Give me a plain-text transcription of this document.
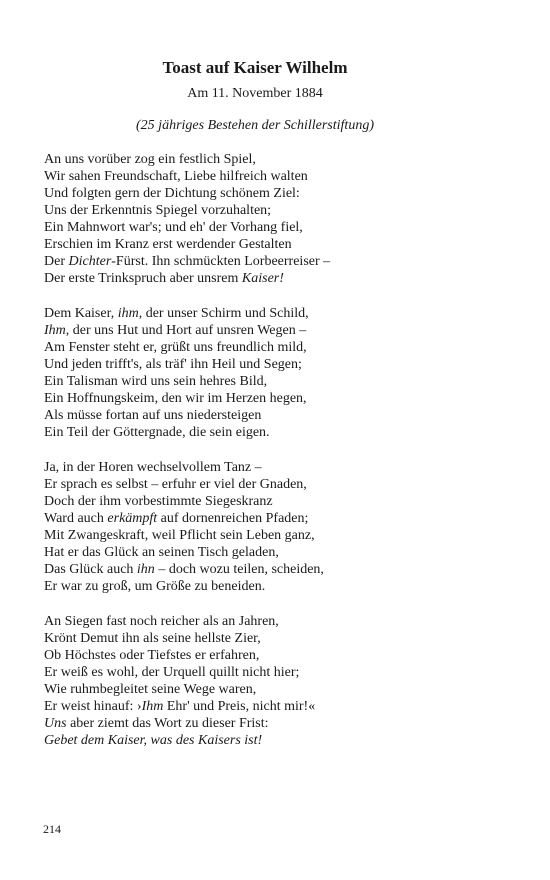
Toast auf Kaiser Wilhelm
Am 11. November 1884
(25 jähriges Bestehen der Schillerstiftung)
An uns vorüber zog ein festlich Spiel,
Wir sahen Freundschaft, Liebe hilfreich walten
Und folgten gern der Dichtung schönem Ziel:
Uns der Erkenntnis Spiegel vorzuhalten;
Ein Mahnwort war's; und eh' der Vorhang fiel,
Erschien im Kranz erst werdender Gestalten
Der Dichter-Fürst. Ihn schmückten Lorbeerreiser –
Der erste Trinkspruch aber unsrem Kaiser!
Dem Kaiser, ihm, der unser Schirm und Schild,
Ihm, der uns Hut und Hort auf unsren Wegen –
Am Fenster steht er, grüßt uns freundlich mild,
Und jeden trifft's, als träf' ihn Heil und Segen;
Ein Talisman wird uns sein hehres Bild,
Ein Hoffnungskeim, den wir im Herzen hegen,
Als müsse fortan auf uns niedersteigen
Ein Teil der Göttergnade, die sein eigen.
Ja, in der Horen wechselvollem Tanz –
Er sprach es selbst – erfuhr er viel der Gnaden,
Doch der ihm vorbestimmte Siegeskranz
Ward auch erkämpft auf dornenreichen Pfaden;
Mit Zwangeskraft, weil Pflicht sein Leben ganz,
Hat er das Glück an seinen Tisch geladen,
Das Glück auch ihn – doch wozu teilen, scheiden,
Er war zu groß, um Größe zu beneiden.
An Siegen fast noch reicher als an Jahren,
Krönt Demut ihn als seine hellste Zier,
Ob Höchstes oder Tiefstes er erfahren,
Er weiß es wohl, der Urquell quillt nicht hier;
Wie ruhmbegleitet seine Wege waren,
Er weist hinauf: ›Ihm Ehr' und Preis, nicht mir!«
Uns aber ziemt das Wort zu dieser Frist:
Gebet dem Kaiser, was des Kaisers ist!
214
